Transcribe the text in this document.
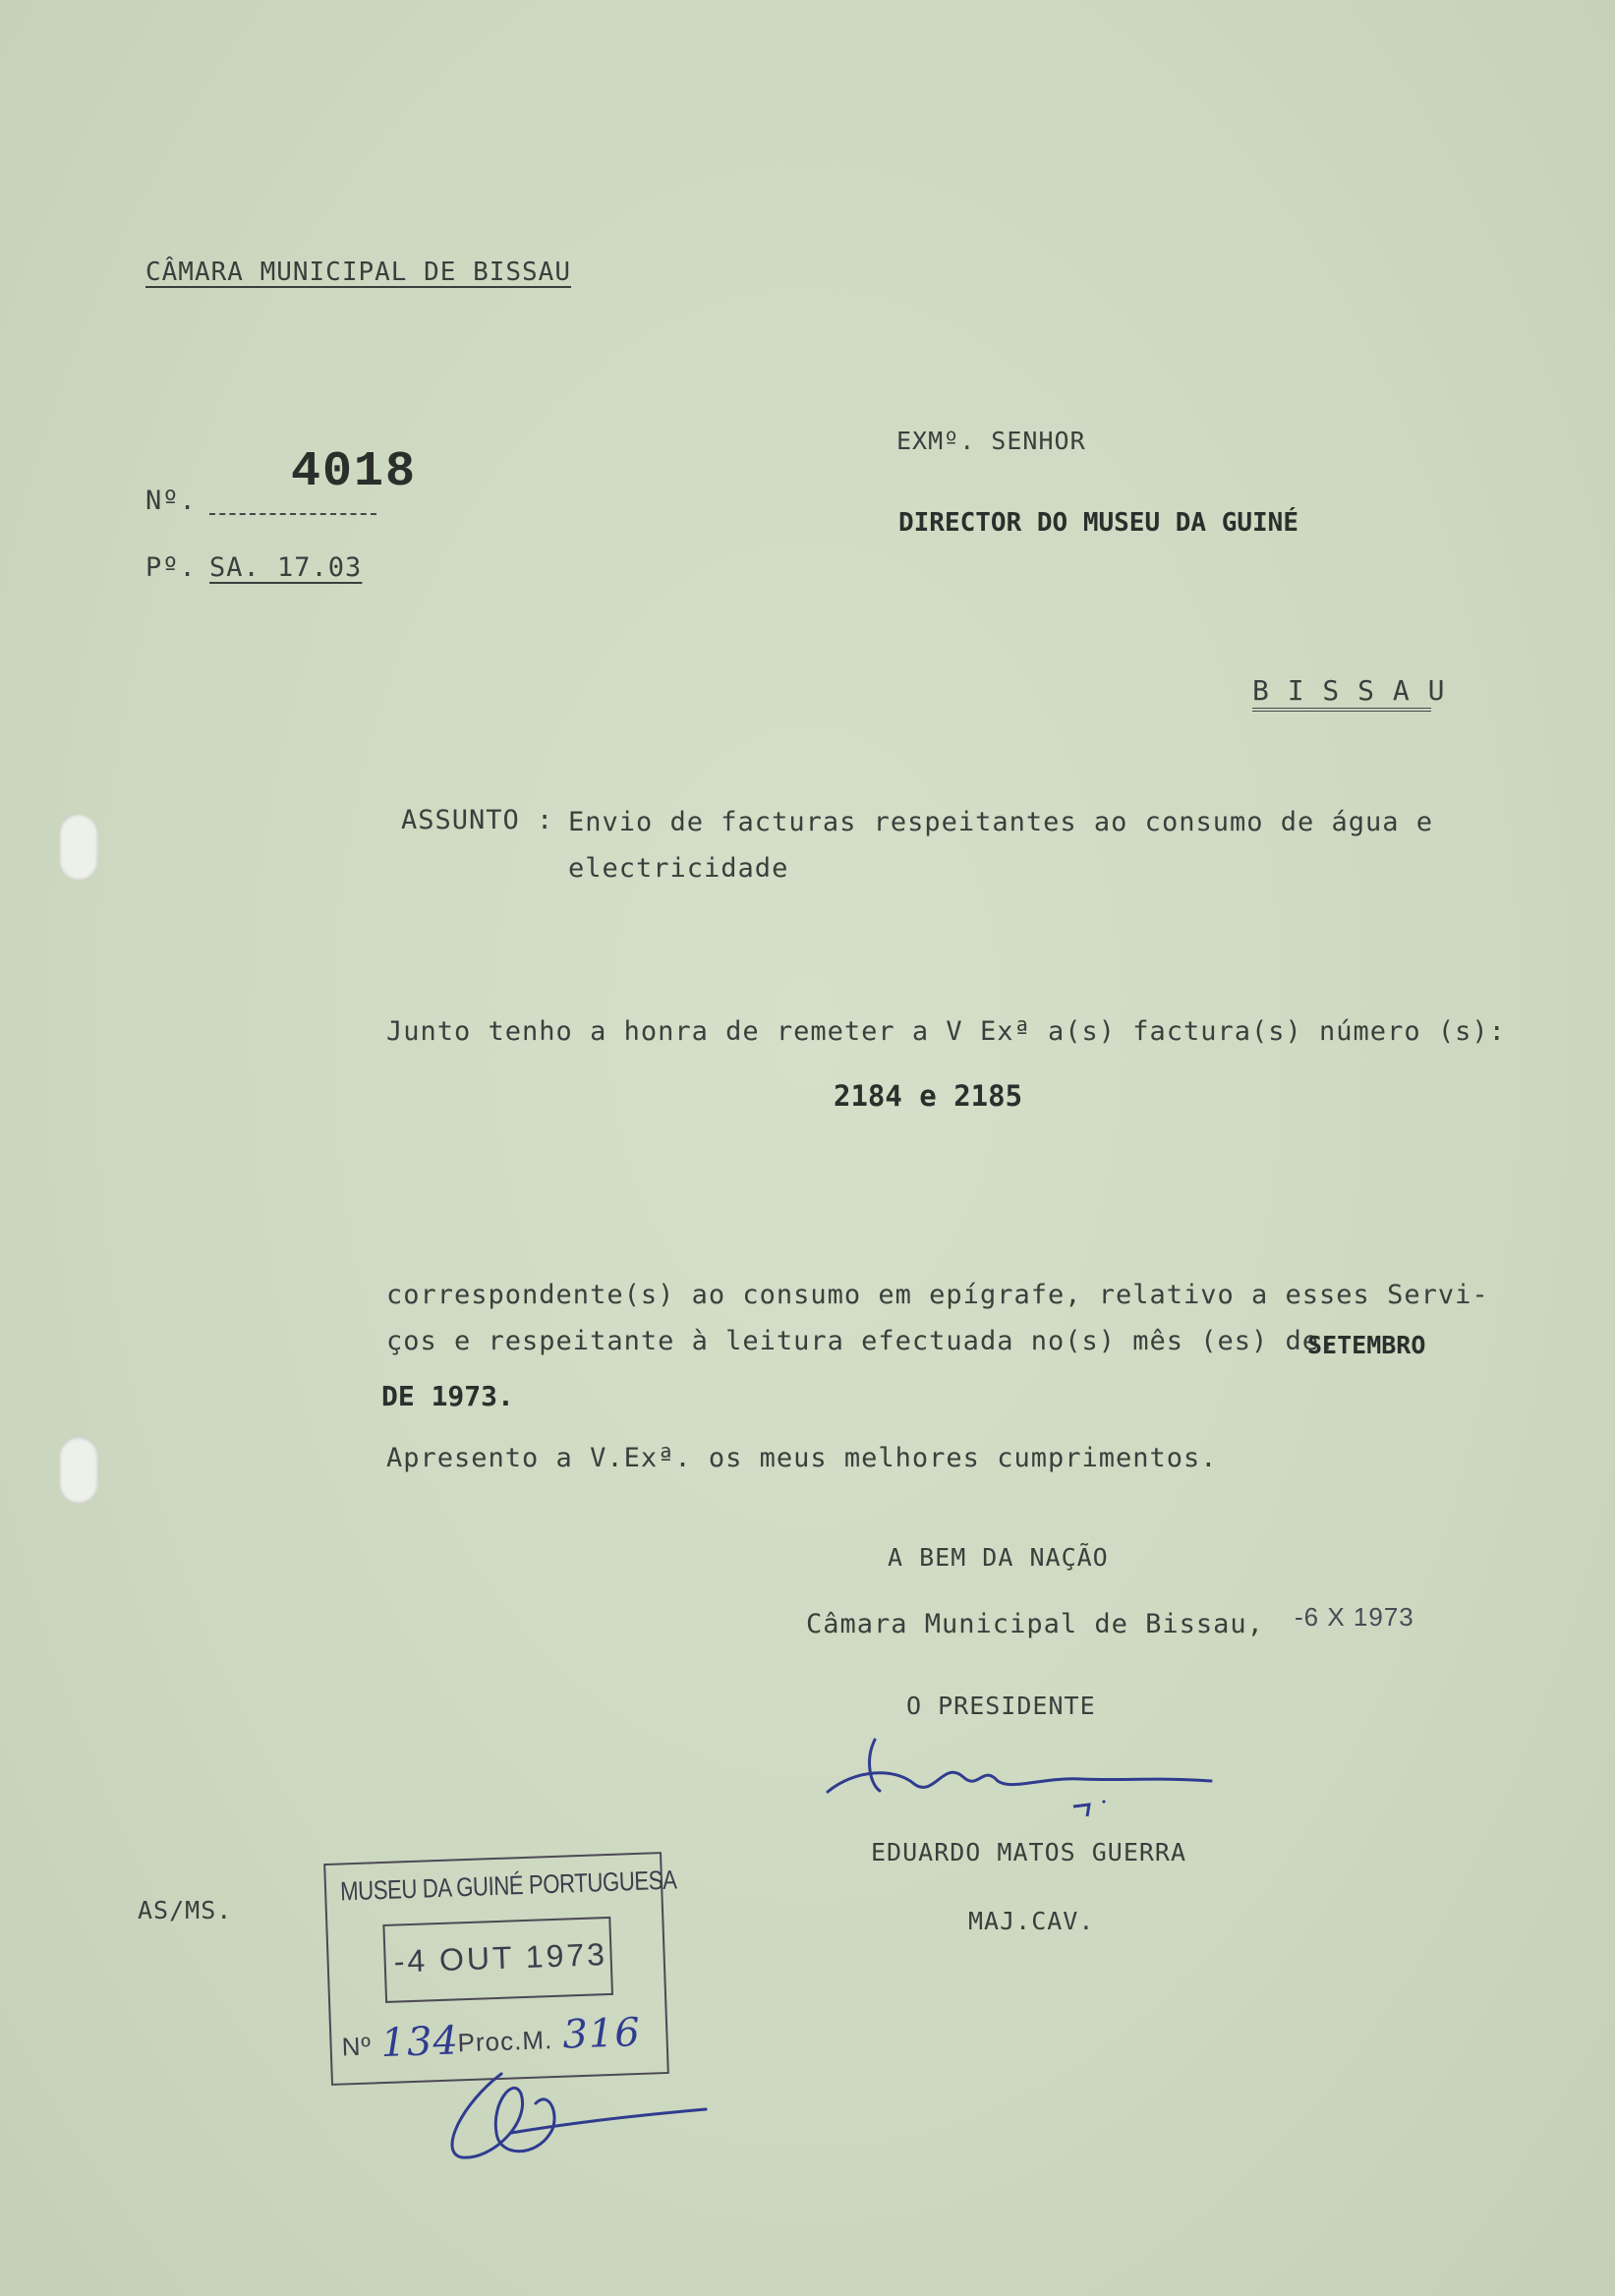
CÂMARA MUNICIPAL DE BISSAU
Nº.
4018
Pº. SA. 17.03
EXMº. SENHOR
DIRECTOR DO MUSEU DA GUINÉ
B I S S A U
ASSUNTO : Envio de facturas respeitantes ao consumo de água e
electricidade
Junto tenho a honra de remeter a V Exª a(s) factura(s) número (s):
2184 e 2185
correspondente(s) ao consumo em epígrafe, relativo a esses Servi-
ços e respeitante à leitura efectuada no(s) mês (es) de:
SETEMBRO
DE 1973.
Apresento a V.Exª. os meus melhores cumprimentos.
A BEM DA NAÇÃO
Câmara Municipal de Bissau, -6 X 1973
O PRESIDENTE
EDUARDO MATOS GUERRA
MAJ.CAV.
AS/MS.
MUSEU DA GUINÉ PORTUGUESA
-4 OUT 1973
Nº 134
Proc.M. 316
